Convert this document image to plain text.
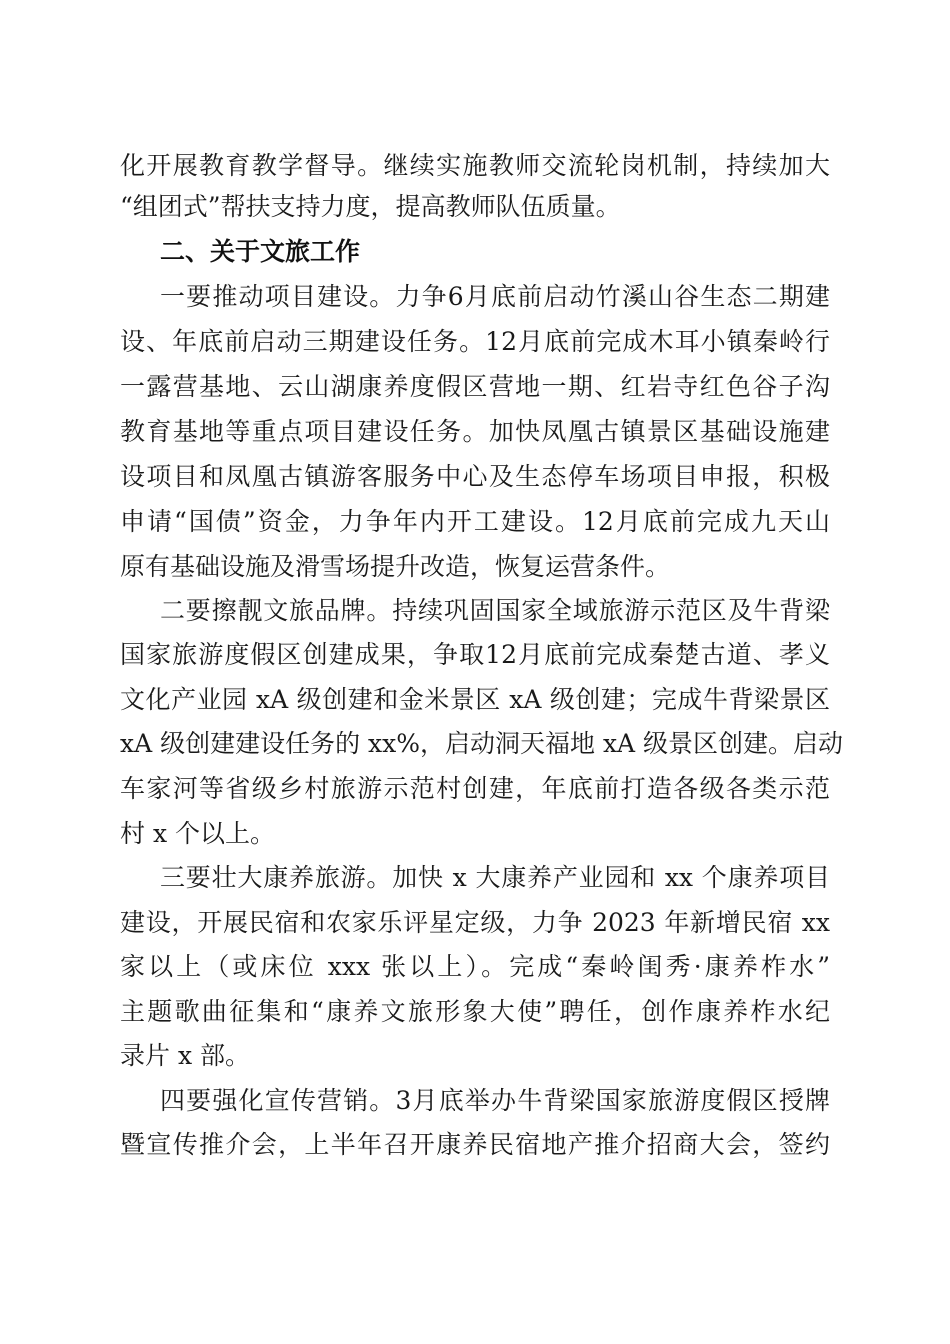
化开展教育教学督导。继续实施教师交流轮岗机制，持续加大
“组团式”帮扶支持力度，提高教师队伍质量。
二、关于文旅工作
一要推动项目建设。力争6月底前启动竹溪山谷生态二期建
设、年底前启动三期建设任务。12月底前完成木耳小镇秦岭行
一露营基地、云山湖康养度假区营地一期、红岩寺红色谷子沟
教育基地等重点项目建设任务。加快凤凰古镇景区基础设施建
设项目和凤凰古镇游客服务中心及生态停车场项目申报，积极
申请“国债”资金，力争年内开工建设。12月底前完成九天山
原有基础设施及滑雪场提升改造，恢复运营条件。
二要擦靓文旅品牌。持续巩固国家全域旅游示范区及牛背梁
国家旅游度假区创建成果，争取12月底前完成秦楚古道、孝义
文化产业园 xA 级创建和金米景区 xA 级创建；完成牛背梁景区
xA 级创建建设任务的 xx%，启动洞天福地 xA 级景区创建。启动
车家河等省级乡村旅游示范村创建，年底前打造各级各类示范
村 x 个以上。
三要壮大康养旅游。加快 x 大康养产业园和 xx 个康养项目
建设，开展民宿和农家乐评星定级，力争 2023 年新增民宿 xx
家以上（或床位 xxx 张以上）。完成“秦岭闺秀·康养柞水”
主题歌曲征集和“康养文旅形象大使”聘任，创作康养柞水纪
录片 x 部。
四要强化宣传营销。3月底举办牛背梁国家旅游度假区授牌
暨宣传推介会，上半年召开康养民宿地产推介招商大会，签约
